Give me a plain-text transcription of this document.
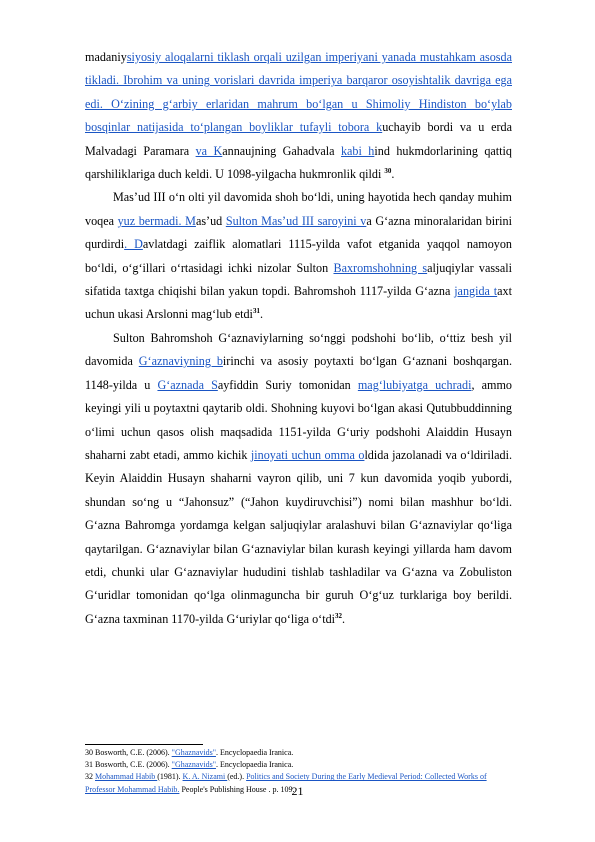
madaniysiyosiy aloqalarni tiklash orqali uzilgan imperiyani yanada mustahkam asosda tikladi. Ibrohim va uning vorislari davrida imperiya barqaror osoyishtalik davriga ega edi. O‘zining g‘arbiy erlaridan mahrum bo‘lgan u Shimoliy Hindiston bo‘ylab bosqinlar natijasida to‘plangan boyliklar tufayli tobora kuchayib bordi va u erda Malvadagi Paramara va Kannaujning Gahadvala kabi hind hukmdorlarining qattiq qarshiliklariga duch keldi. U 1098-yilgacha hukmronlik qildi $^{30}$.

Mas’ud III o‘n olti yil davomida shoh bo‘ldi, uning hayotida hech qanday muhim voqea yuz bermadi. Mas’ud Sulton Mas’ud III saroyini va G‘azna minoralaridan birini qurdirdi. Davlatdagi zaiflik alomatlari 1115-yilda vafot etganida yaqqol namoyon bo‘ldi, o‘g‘illari o‘rtasidagi ichki nizolar Sulton Baxromshohning saljuqiylar vassali sifatida taxtga chiqishi bilan yakun topdi. Bahromshoh 1117-yilda G‘azna jangida taxt uchun ukasi Arslonni mag‘lub etdi$^{31}$.

Sulton Bahromshoh G‘aznaviylarning so‘nggi podshohi bo‘lib, o‘ttiz besh yil davomida G‘aznaviyning birinchi va asosiy poytaxti bo‘lgan G‘aznani boshqargan. 1148-yilda u G‘aznada Sayfiddin Suriy tomonidan mag‘lubiyatga uchradi, ammo keyingi yili u poytaxtni qaytarib oldi. Shohning kuyovi bo‘lgan akasi Qutubbuddinning o‘limi uchun qasos olish maqsadida 1151-yilda G‘uriy podshohi Alaiddin Husayn shaharni zabt etadi, ammo kichik jinoyati uchun omma oldida jazolanadi va o‘ldiriladi. Keyin Alaiddin Husayn shaharni vayron qilib, uni 7 kun davomida yoqib yubordi, shundan so‘ng u “Jahonsuz” (“Jahon kuydiruvchisi”) nomi bilan mashhur bo‘ldi. G‘azna Bahromga yordamga kelgan saljuqiylar aralashuvi bilan G‘aznaviylar qo‘liga qaytarilgan. G‘aznaviylar bilan G‘aznaviylar bilan kurash keyingi yillarda ham davom etdi, chunki ular G‘aznaviylar hududini tishlab tashladilar va G‘azna va Zobuliston G‘uridlar tomonidan qo‘lga olinmaguncha bir guruh O‘g‘uz turklariga boy berildi. G‘azna taxminan 1170-yilda G‘uriylar qo‘liga o‘tdi$^{32}$.

30 Bosworth, C.E. (2006). "Ghaznavids". Encyclopaedia Iranica.

31 Bosworth, C.E. (2006). "Ghaznavids". Encyclopaedia Iranica.

32 Mohammad Habib (1981). K. A. Nizami (ed.). Politics and Society During the Early Medieval Period: Collected Works of Professor Mohammad Habib. People's Publishing House . p. 109.

21
